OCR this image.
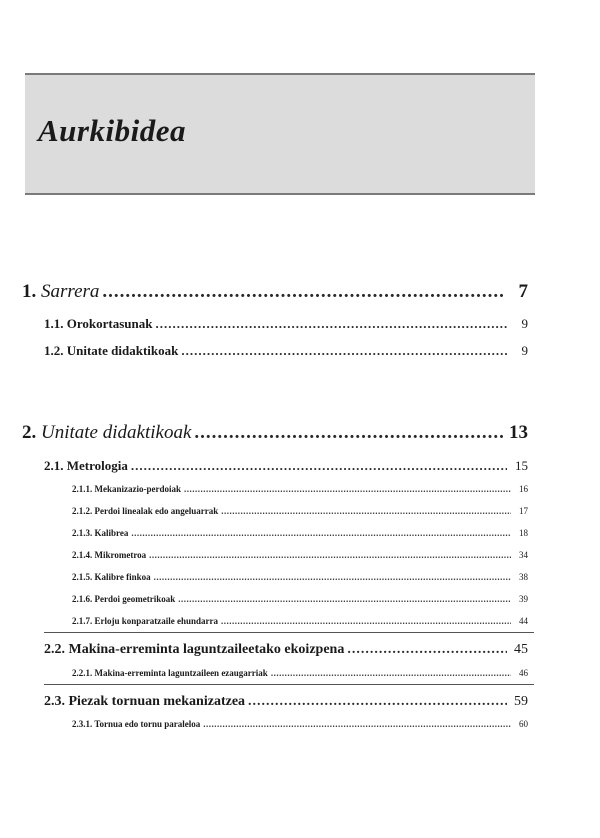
Aurkibidea
1. Sarrera .....	7
1.1. Orokortasunak .....	9
1.2. Unitate didaktikoak .....	9
2. Unitate didaktikoak .....	13
2.1. Metrologia .....	15
2.1.1. Mekanizazio-perdoiak .....	16
2.1.2. Perdoi linealak edo angeluarrak .....	17
2.1.3. Kalibrea .....	18
2.1.4. Mikrometroa .....	34
2.1.5. Kalibre finkoa .....	38
2.1.6. Perdoi geometrikoak .....	39
2.1.7. Erloju konparatzaile ehundarra .....	44
2.2. Makina-erreminta laguntzaileetako ekoizpena .....	45
2.2.1. Makina-erreminta laguntzaileen ezaugarriak .....	46
2.3. Piezak tornuan mekanizatzea .....	59
2.3.1. Tornua edo tornu paraleloa .....	60
